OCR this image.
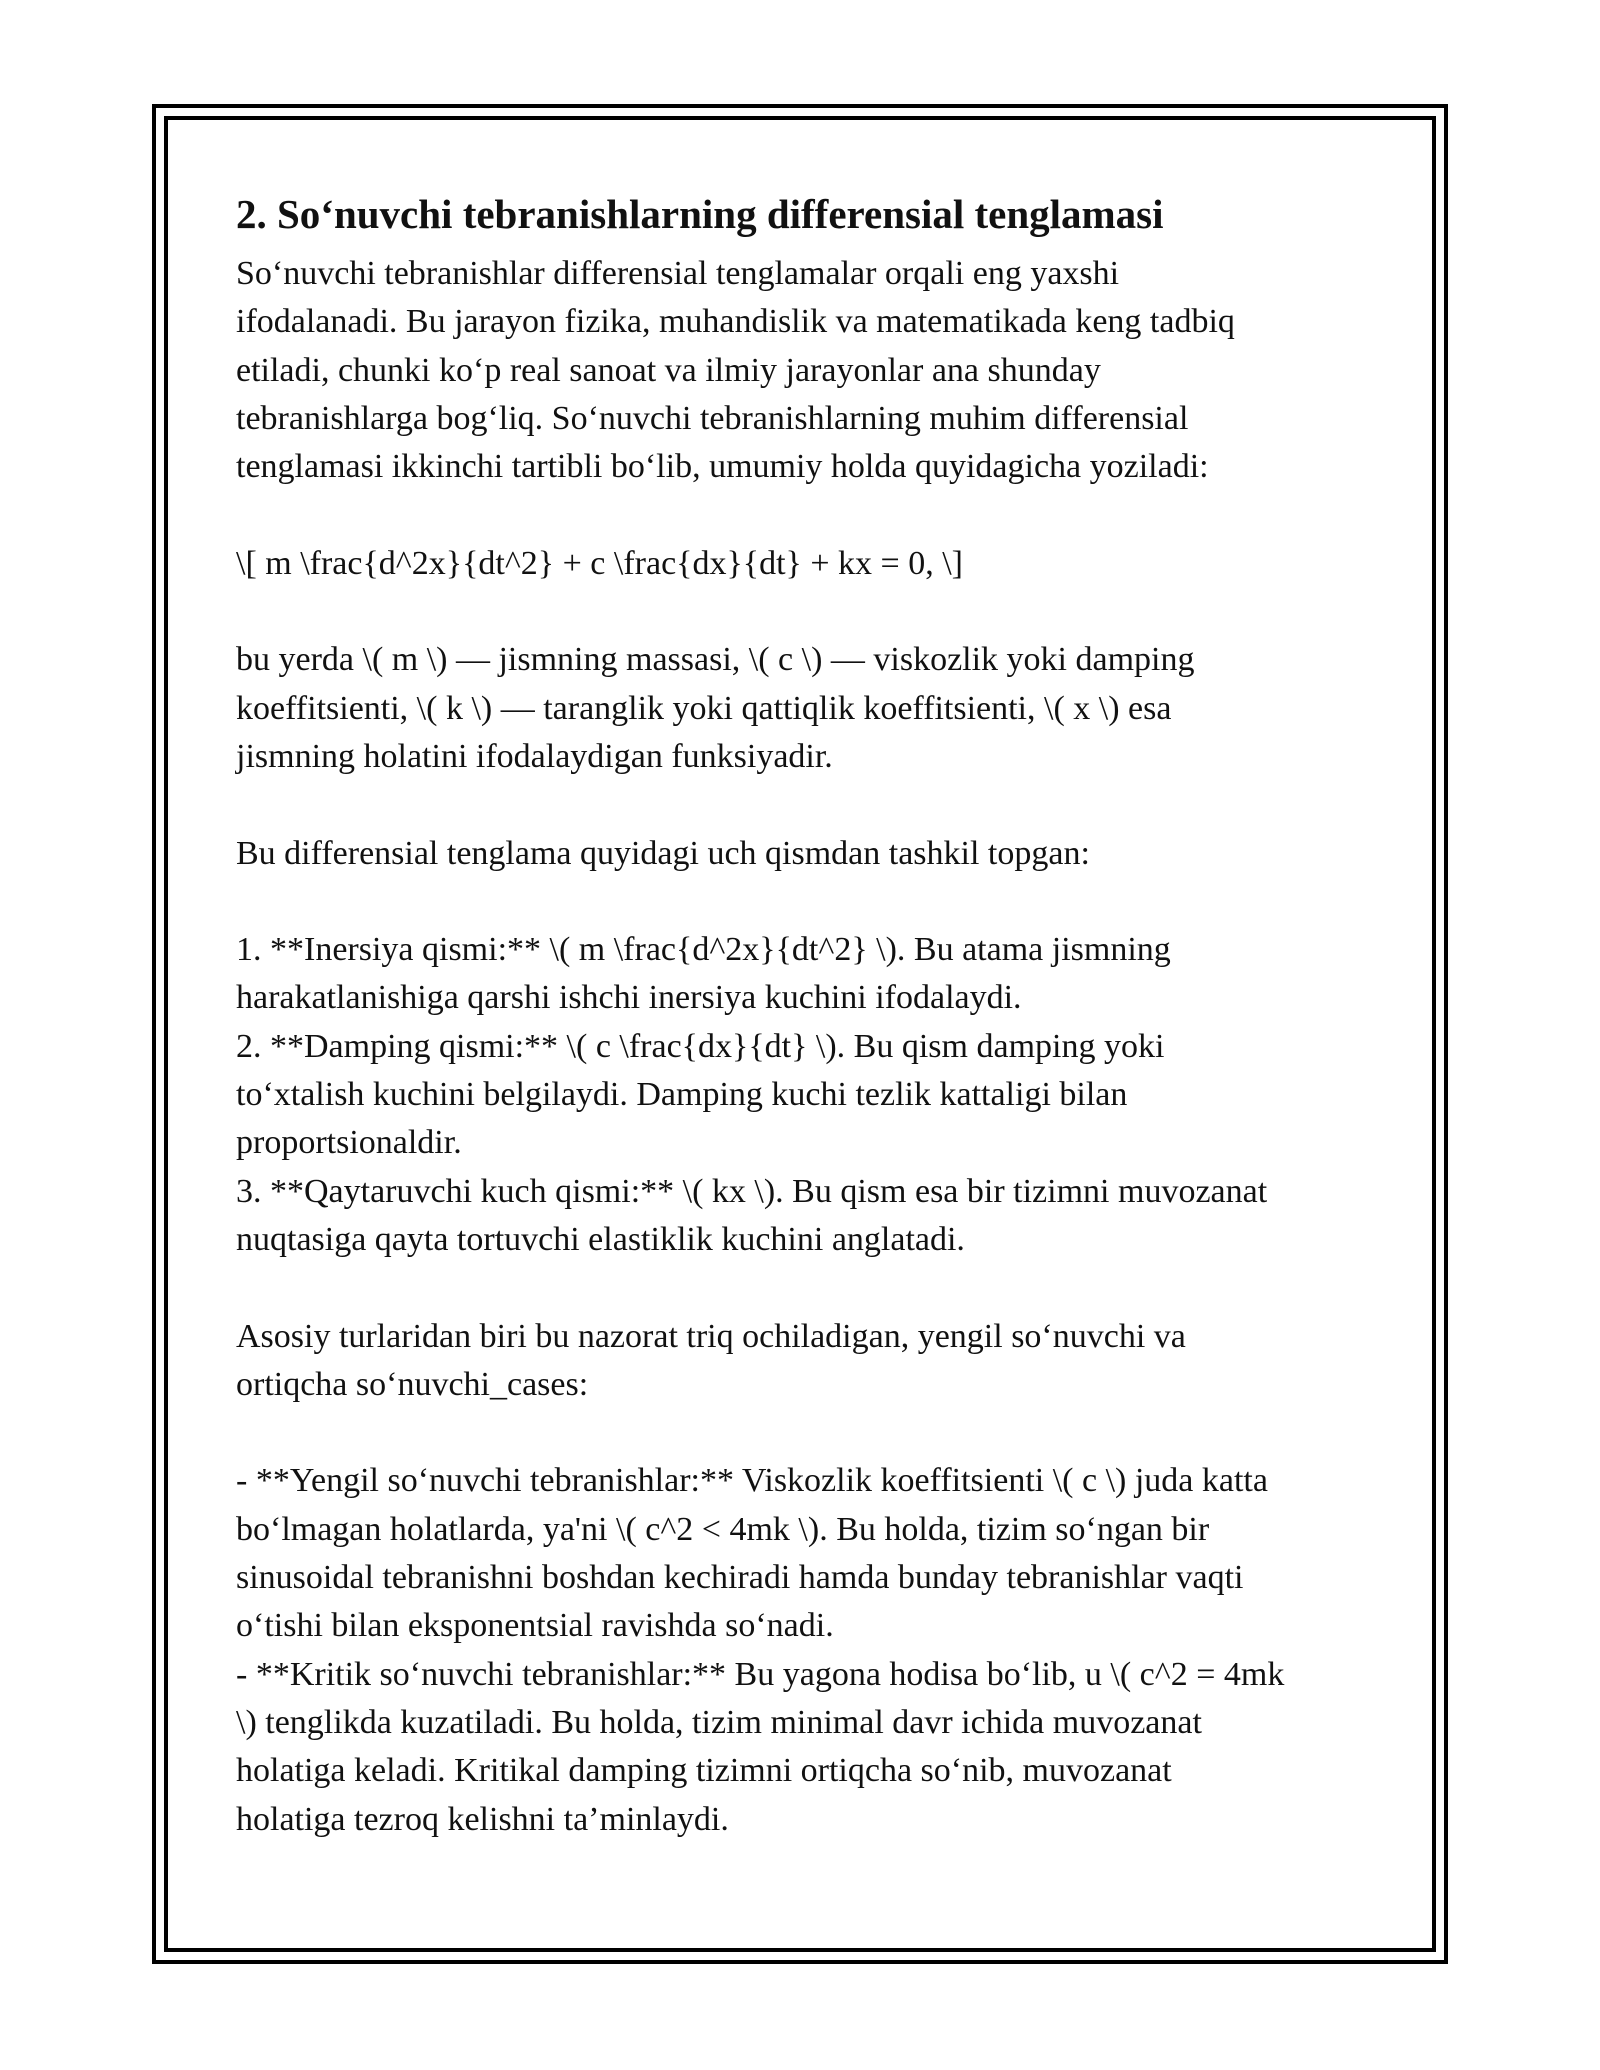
2. So‘nuvchi tebranishlarning differensial tenglamasi
So‘nuvchi tebranishlar differensial tenglamalar orqali eng yaxshi
ifodalanadi. Bu jarayon fizika, muhandislik va matematikada keng tadbiq
etiladi, chunki ko‘p real sanoat va ilmiy jarayonlar ana shunday
tebranishlarga bog‘liq. So‘nuvchi tebranishlarning muhim differensial
tenglamasi ikkinchi tartibli bo‘lib, umumiy holda quyidagicha yoziladi:
\[ m \frac{d^2x}{dt^2} + c \frac{dx}{dt} + kx = 0, \]
bu yerda \( m \) — jismning massasi, \( c \) — viskozlik yoki damping
koeffitsienti, \( k \) — taranglik yoki qattiqlik koeffitsienti, \( x \) esa
jismning holatini ifodalaydigan funksiyadir.
Bu differensial tenglama quyidagi uch qismdan tashkil topgan:
1. **Inersiya qismi:** \( m \frac{d^2x}{dt^2} \). Bu atama jismning
harakatlanishiga qarshi ishchi inersiya kuchini ifodalaydi.
2. **Damping qismi:** \( c \frac{dx}{dt} \). Bu qism damping yoki
to‘xtalish kuchini belgilaydi. Damping kuchi tezlik kattaligi bilan
proportsionaldir.
3. **Qaytaruvchi kuch qismi:** \( kx \). Bu qism esa bir tizimni muvozanat
nuqtasiga qayta tortuvchi elastiklik kuchini anglatadi.
Asosiy turlaridan biri bu nazorat triq ochiladigan, yengil so‘nuvchi va
ortiqcha so‘nuvchi_cases:
- **Yengil so‘nuvchi tebranishlar:** Viskozlik koeffitsienti \( c \) juda katta
bo‘lmagan holatlarda, ya'ni \( c^2 < 4mk \). Bu holda, tizim so‘ngan bir
sinusoidal tebranishni boshdan kechiradi hamda bunday tebranishlar vaqti
o‘tishi bilan eksponentsial ravishda so‘nadi.
- **Kritik so‘nuvchi tebranishlar:** Bu yagona hodisa bo‘lib, u \( c^2 = 4mk
\) tenglikda kuzatiladi. Bu holda, tizim minimal davr ichida muvozanat
holatiga keladi. Kritikal damping tizimni ortiqcha so‘nib, muvozanat
holatiga tezroq kelishni ta’minlaydi.
